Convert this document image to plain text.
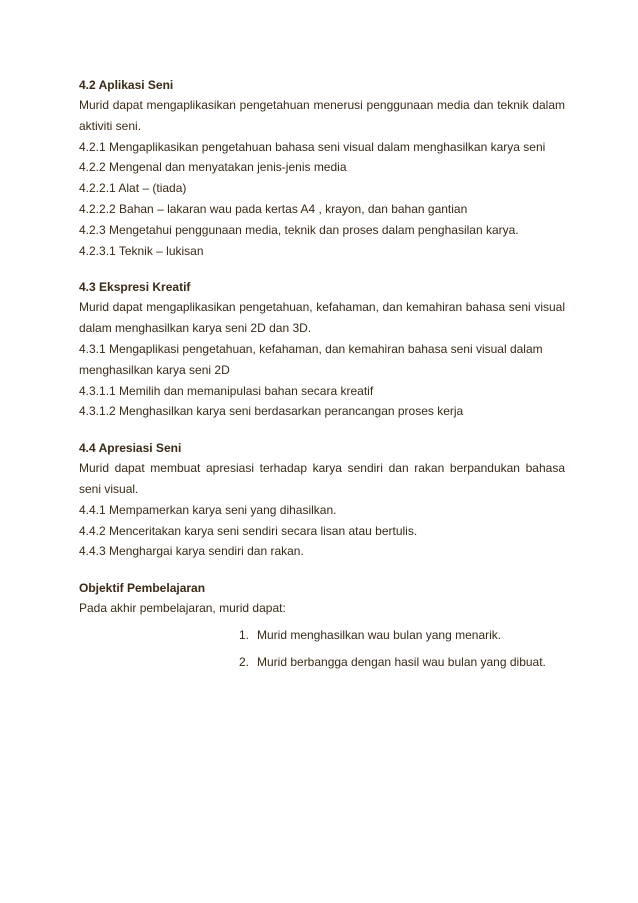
4.2 Aplikasi Seni
Murid dapat mengaplikasikan pengetahuan menerusi penggunaan media dan teknik dalam aktiviti seni.
4.2.1 Mengaplikasikan pengetahuan bahasa seni visual dalam menghasilkan karya seni
4.2.2 Mengenal dan menyatakan jenis-jenis media
4.2.2.1 Alat – (tiada)
4.2.2.2 Bahan – lakaran wau pada kertas A4 , krayon, dan bahan gantian
4.2.3 Mengetahui penggunaan media, teknik dan proses dalam penghasilan karya.
4.2.3.1 Teknik – lukisan
4.3 Ekspresi Kreatif
Murid dapat mengaplikasikan pengetahuan, kefahaman, dan kemahiran bahasa seni visual dalam menghasilkan karya seni 2D dan 3D.
4.3.1 Mengaplikasi pengetahuan, kefahaman, dan kemahiran bahasa seni visual dalam
menghasilkan karya seni 2D
4.3.1.1 Memilih dan memanipulasi bahan secara kreatif
4.3.1.2 Menghasilkan karya seni berdasarkan perancangan proses kerja
4.4 Apresiasi Seni
Murid dapat membuat apresiasi terhadap karya sendiri dan rakan berpandukan bahasa seni visual.
4.4.1 Mempamerkan karya seni yang dihasilkan.
4.4.2 Menceritakan karya seni sendiri secara lisan atau bertulis.
4.4.3 Menghargai karya sendiri dan rakan.
Objektif Pembelajaran
Pada akhir pembelajaran, murid dapat:
1. Murid menghasilkan wau bulan yang menarik.
2. Murid berbangga dengan hasil wau bulan yang dibuat.
